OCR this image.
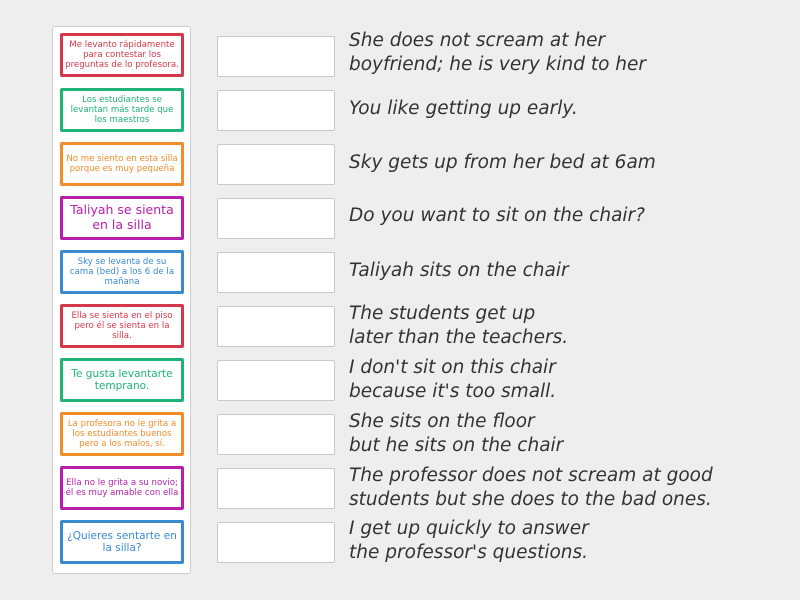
Me levanto rápidamente para contestar los preguntas de lo profesora.
Los estudiantes se levantan más tarde que los maestros
No me siento en esta silla porque es muy pequeña
Taliyah se sienta en la silla
Sky se levanta de su cama (bed) a los 6 de la mañana
Ella se sienta en el piso pero él se sienta en la silla.
Te gusta levantarte temprano.
La profesora no le grita a los estudiantes buenos pero a los malos, sí.
Ella no le grita a su novio; él es muy amable con ella
¿Quieres sentarte en la silla?
She does not scream at her
boyfriend; he is very kind to her
You like getting up early.
Sky gets up from her bed at 6am
Do you want to sit on the chair?
Taliyah sits on the chair
The students get up
later than the teachers.
I don't sit on this chair
because it's too small.
She sits on the floor
but he sits on the chair
The professor does not scream at good
students but she does to the bad ones.
I get up quickly to answer
the professor's questions.
